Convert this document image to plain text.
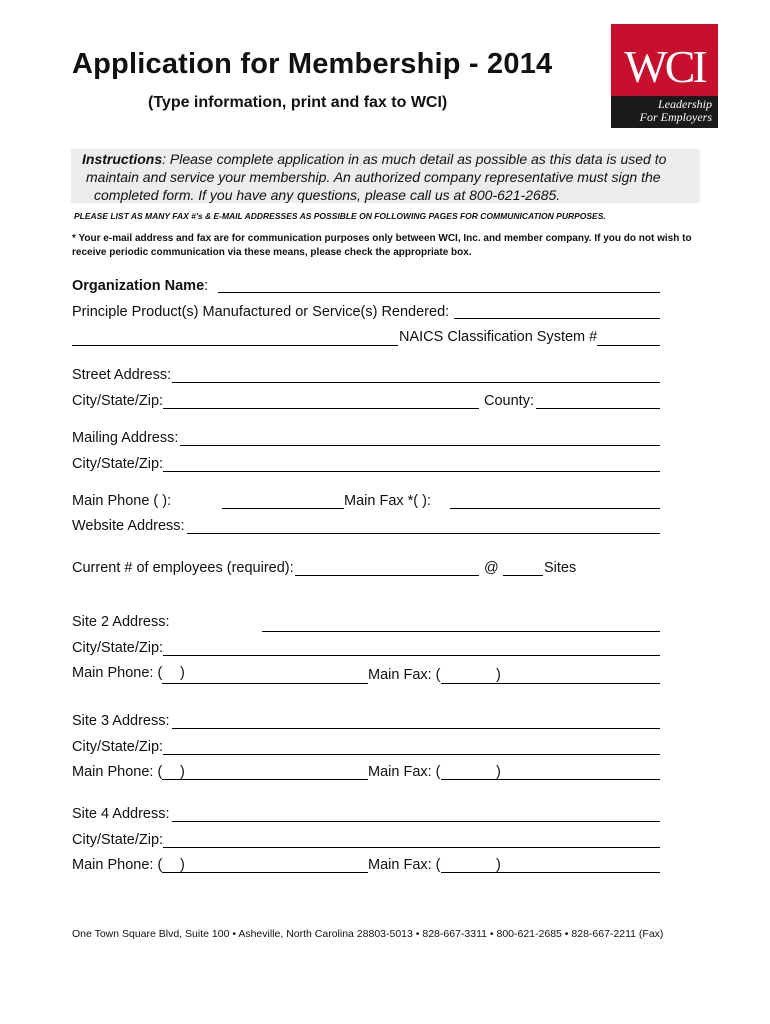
Application for Membership - 2014
(Type information, print and fax to WCI)
WCI
Leadership
For Employers
Instructions: Please complete application in as much detail as possible as this data is used to
maintain and service your membership. An authorized company representative must sign the
completed form. If you have any questions, please call us at 800-621-2685.
PLEASE LIST AS MANY FAX #'s & E-MAIL ADDRESSES AS POSSIBLE ON FOLLOWING PAGES FOR COMMUNICATION PURPOSES.
* Your e-mail address and fax are for communication purposes only between WCI, Inc. and member company. If you do not wish to receive periodic communication via these means, please check the appropriate box.
Organization Name:
Principle Product(s) Manufactured or Service(s) Rendered:
NAICS Classification System #
Street Address:
City/State/Zip:	County:
Mailing Address:
City/State/Zip:
Main Phone ( ):	Main Fax *( ):
Website Address:
Current # of employees (required):	@	Sites
Site 2 Address:
City/State/Zip:
Main Phone: ( )	Main Fax: (	)
Site 3 Address:
City/State/Zip:
Main Phone: ( )	Main Fax: (	)
Site 4 Address:
City/State/Zip:
Main Phone: ( )	Main Fax: (	)
One Town Square Blvd, Suite 100 • Asheville, North Carolina 28803-5013 • 828-667-3311 • 800-621-2685 • 828-667-2211 (Fax)
